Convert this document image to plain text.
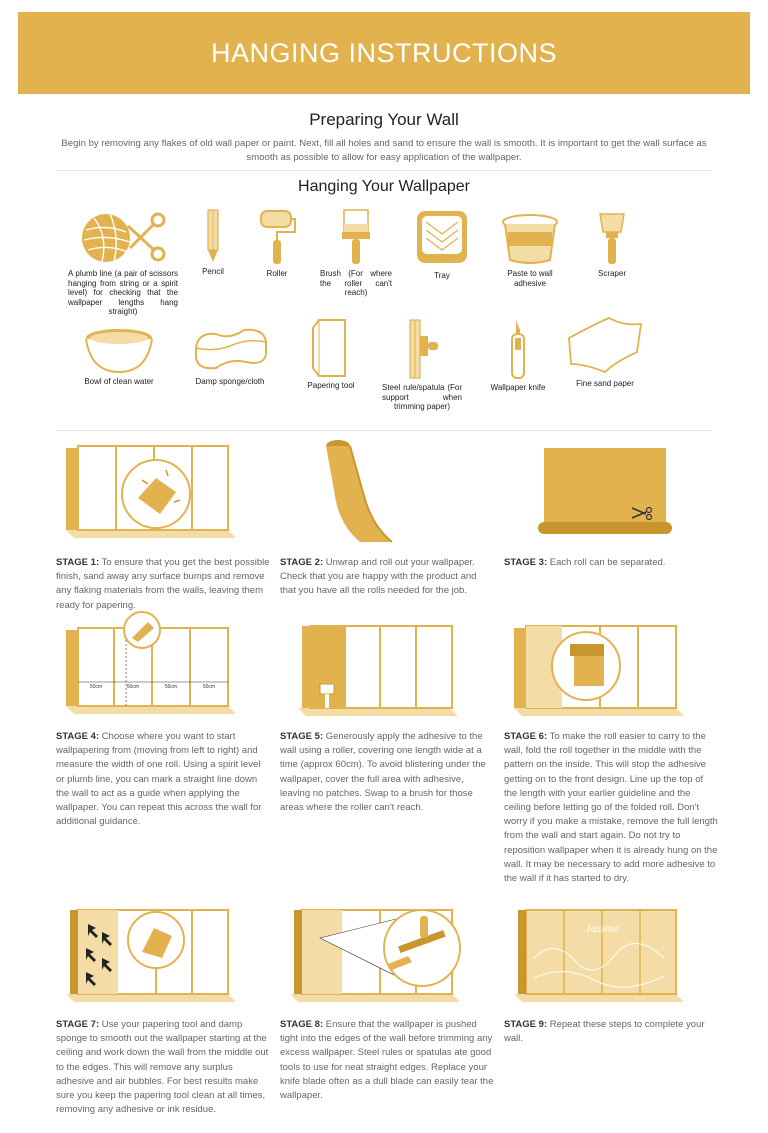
HANGING INSTRUCTIONS
Preparing Your Wall
Begin by removing any flakes of old wall paper or paint. Next, fill all holes and sand to ensure the wall is smooth. It is important to get the wall surface as smooth as possible to allow for easy application of the wallpaper.
Hanging Your Wallpaper
A plumb line (a pair of scissors hanging from string or a spirit level) for checking that the wallpaper lengths hang straight)
Pencil	Roller	Brush (For where the roller can't reach)
Tray	Paste to wall adhesive
Scraper
Bowl of clean water	Damp sponge/cloth	Papering tool	Steel rule/spatula (For support when trimming paper)
Wallpaper knife	Fine sand paper

STAGE 1: To ensure that you get the best possible finish, sand away any surface bumps and remove any flaking materials from the walls, leaving them ready for papering.

STAGE 2: Unwrap and roll out your wallpaper. Check that you are happy with the product and that you have all the rolls needed for the job.

STAGE 3: Each roll can be separated.

50cm	50cm	50cm	50cm

STAGE 4: Choose where you want to start wallpapering from (moving from left to right) and measure the width of one roll. Using a spirit level or plumb line, you can mark a straight line down the wall to act as a guide when applying the wallpaper. You can repeat this across the wall for additional guidance.

STAGE 5: Generously apply the adhesive to the wall using a roller, covering one length wide at a time (approx 60cm). To avoid blistering under the wallpaper, cover the full area with adhesive, leaving no patches. Swap to a brush for those areas where the roller can't reach.

STAGE 6: To make the roll easier to carry to the wall, fold the roll together in the middle with the pattern on the inside. This will stop the adhesive getting on to the front design. Line up the top of the length with your earlier guideline and the ceiling before letting go of the folded roll. Don't worry if you make a mistake, remove the full length from the wall and start again. Do not try to reposition wallpaper when it is already hung on the wall. It may be necessary to add more adhesive to the wall if it has started to dry.

STAGE 7: Use your papering tool and damp sponge to smooth out the wallpaper starting at the ceiling and work down the wall from the middle out to the edges. This will remove any surplus adhesive and air bubbles. For best results make sure you keep the papering tool clean at all times, removing any adhesive or ink residue.

STAGE 8: Ensure that the wallpaper is pushed tight into the edges of the wall before trimming any excess wallpaper. Steel rules or spatulas ate good tools to use for neat straight edges. Replace your knife blade often as a dull blade can easily tear the wallpaper.

Jasime

STAGE 9: Repeat these steps to complete your wall.
